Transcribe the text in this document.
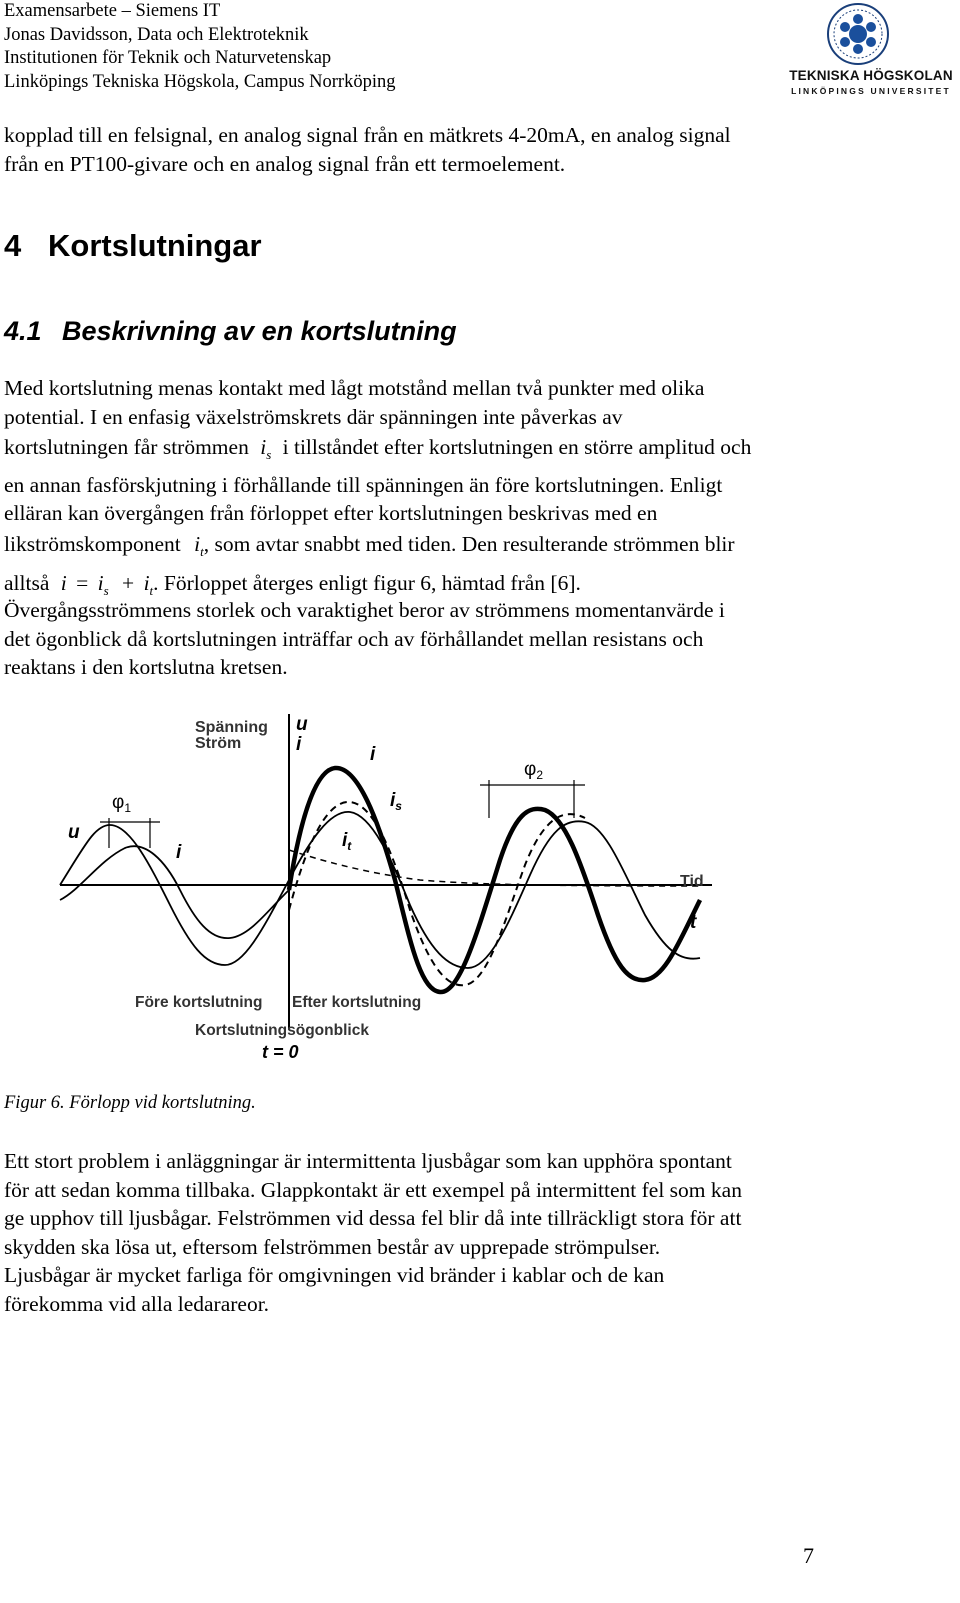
Examensarbete – Siemens IT
Jonas Davidsson, Data och Elektroteknik
Institutionen för Teknik och Naturvetenskap
Linköpings Tekniska Högskola, Campus Norrköping	TEKNISKA HÖGSKOLAN
LINKÖPINGS UNIVERSITET
kopplad till en felsignal, en analog signal från en mätkrets 4-20mA, en analog signal
från en PT100-givare och en analog signal från ett termoelement.
4 Kortslutningar
4.1 Beskrivning av en kortslutning
Med kortslutning menas kontakt med lågt motstånd mellan två punkter med olika
potential. I en enfasig växelströmskrets där spänningen inte påverkas av
kortslutningen får strömmen $i_s$ i tillståndet efter kortslutningen en större amplitud och
en annan fasförskjutning i förhållande till spänningen än före kortslutningen. Enligt
elläran kan övergången från förloppet efter kortslutningen beskrivas med en
likströmskomponent $i_t$, som avtar snabbt med tiden. Den resulterande strömmen blir
alltså $i = i_s + i_t$. Förloppet återges enligt figur 6, hämtad från [6].
Övergångsströmmens storlek och varaktighet beror av strömmens momentanvärde i
det ögonblick då kortslutningen inträffar och av förhållandet mellan resistans och
reaktans i den kortslutna kretsen.
Spänning
Ström
u
i
$\varphi_1$
$\varphi_2$
u
i
i
$i_s$
$i_t$
Tid
t
Före kortslutning Efter kortslutning
Kortslutningsögonblick
t = 0
Figur 6. Förlopp vid kortslutning.
Ett stort problem i anläggningar är intermittenta ljusbågar som kan upphöra spontant
för att sedan komma tillbaka. Glappkontakt är ett exempel på intermittent fel som kan
ge upphov till ljusbågar. Felströmmen vid dessa fel blir då inte tillräckligt stora för att
skydden ska lösa ut, eftersom felströmmen består av upprepade strömpulser.
Ljusbågar är mycket farliga för omgivningen vid bränder i kablar och de kan
förekomma vid alla ledarareor.
7
